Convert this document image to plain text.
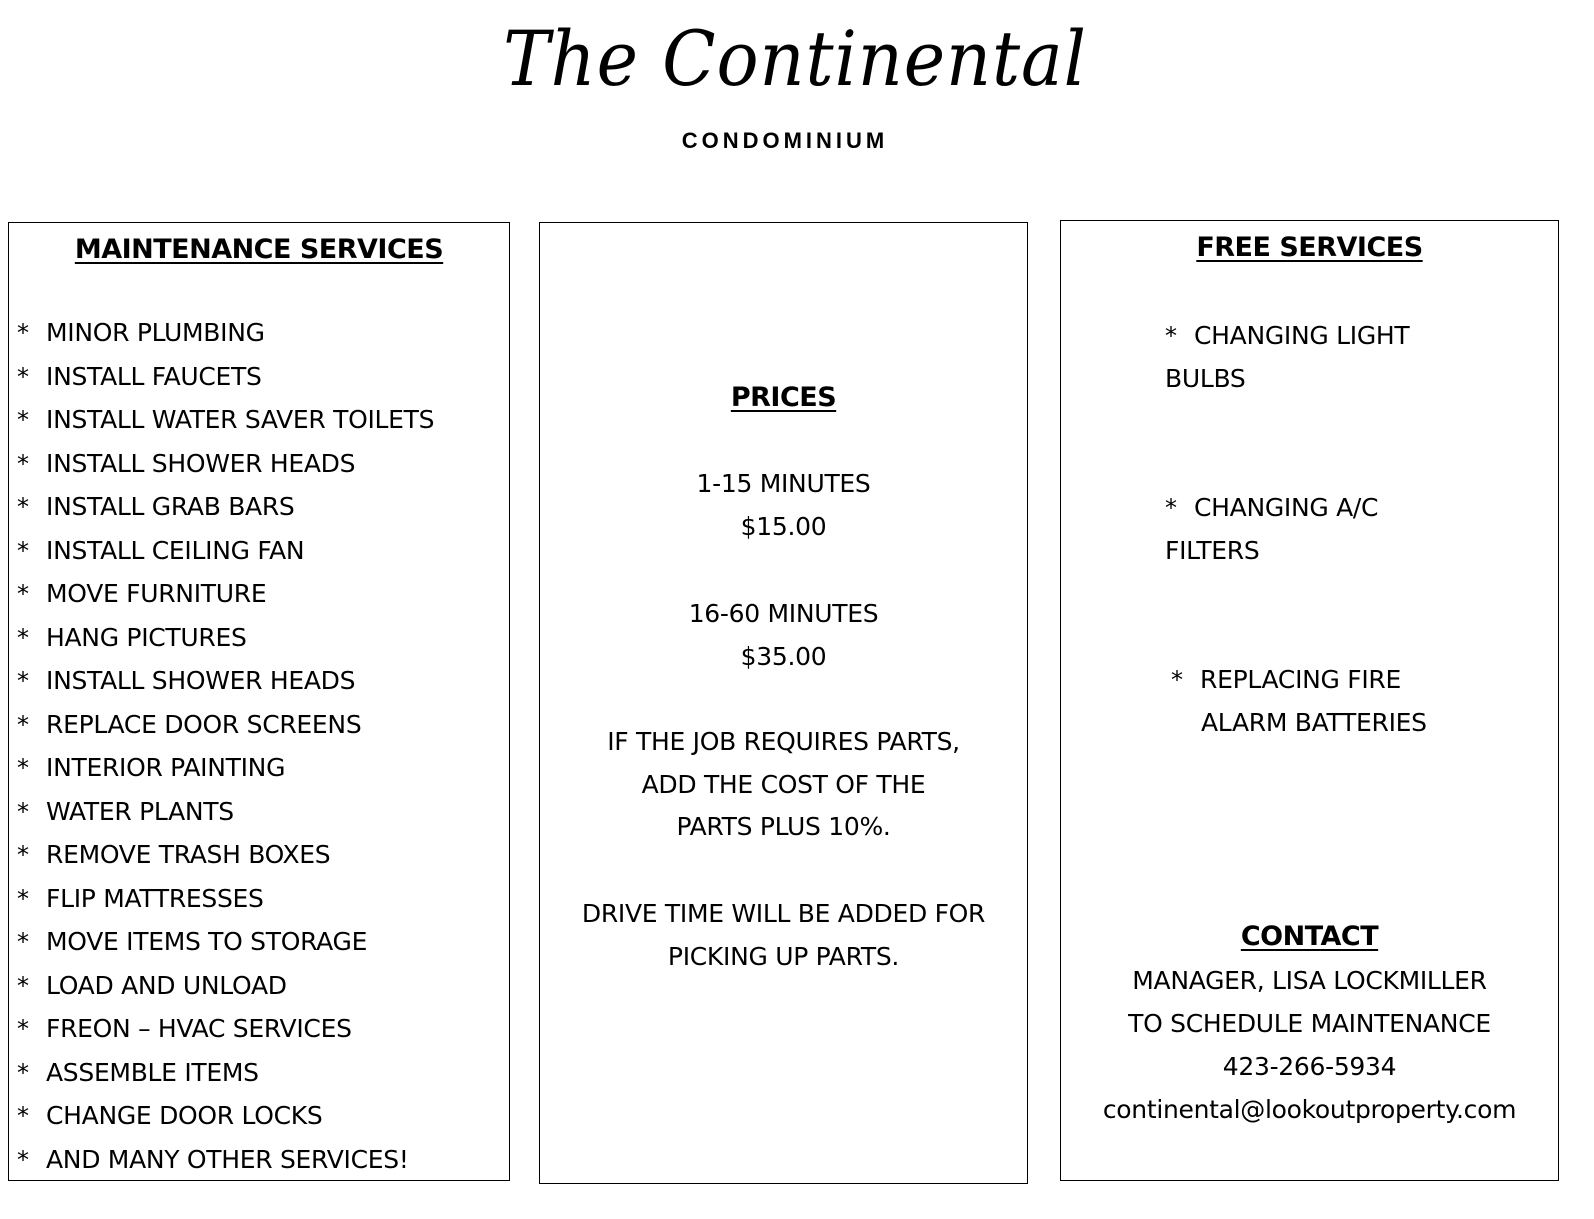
The Continental
CONDOMINIUM
MAINTENANCE SERVICES
* MINOR PLUMBING
* INSTALL FAUCETS
* INSTALL WATER SAVER TOILETS
* INSTALL SHOWER HEADS
* INSTALL GRAB BARS
* INSTALL CEILING FAN
* MOVE FURNITURE
* HANG PICTURES
* INSTALL SHOWER HEADS
* REPLACE DOOR SCREENS
* INTERIOR PAINTING
* WATER PLANTS
* REMOVE TRASH BOXES
* FLIP MATTRESSES
* MOVE ITEMS TO STORAGE
* LOAD AND UNLOAD
* FREON – HVAC SERVICES
* ASSEMBLE ITEMS
* CHANGE DOOR LOCKS
* AND MANY OTHER SERVICES!
PRICES
1-15 MINUTES
$15.00
16-60 MINUTES
$35.00
IF THE JOB REQUIRES PARTS,
ADD THE COST OF THE
PARTS PLUS 10%.
DRIVE TIME WILL BE ADDED FOR
PICKING UP PARTS.
FREE SERVICES
* CHANGING LIGHT
BULBS
* CHANGING A/C
FILTERS
* REPLACING FIRE
ALARM BATTERIES
CONTACT
MANAGER, LISA LOCKMILLER
TO SCHEDULE MAINTENANCE
423-266-5934
continental@lookoutproperty.com
